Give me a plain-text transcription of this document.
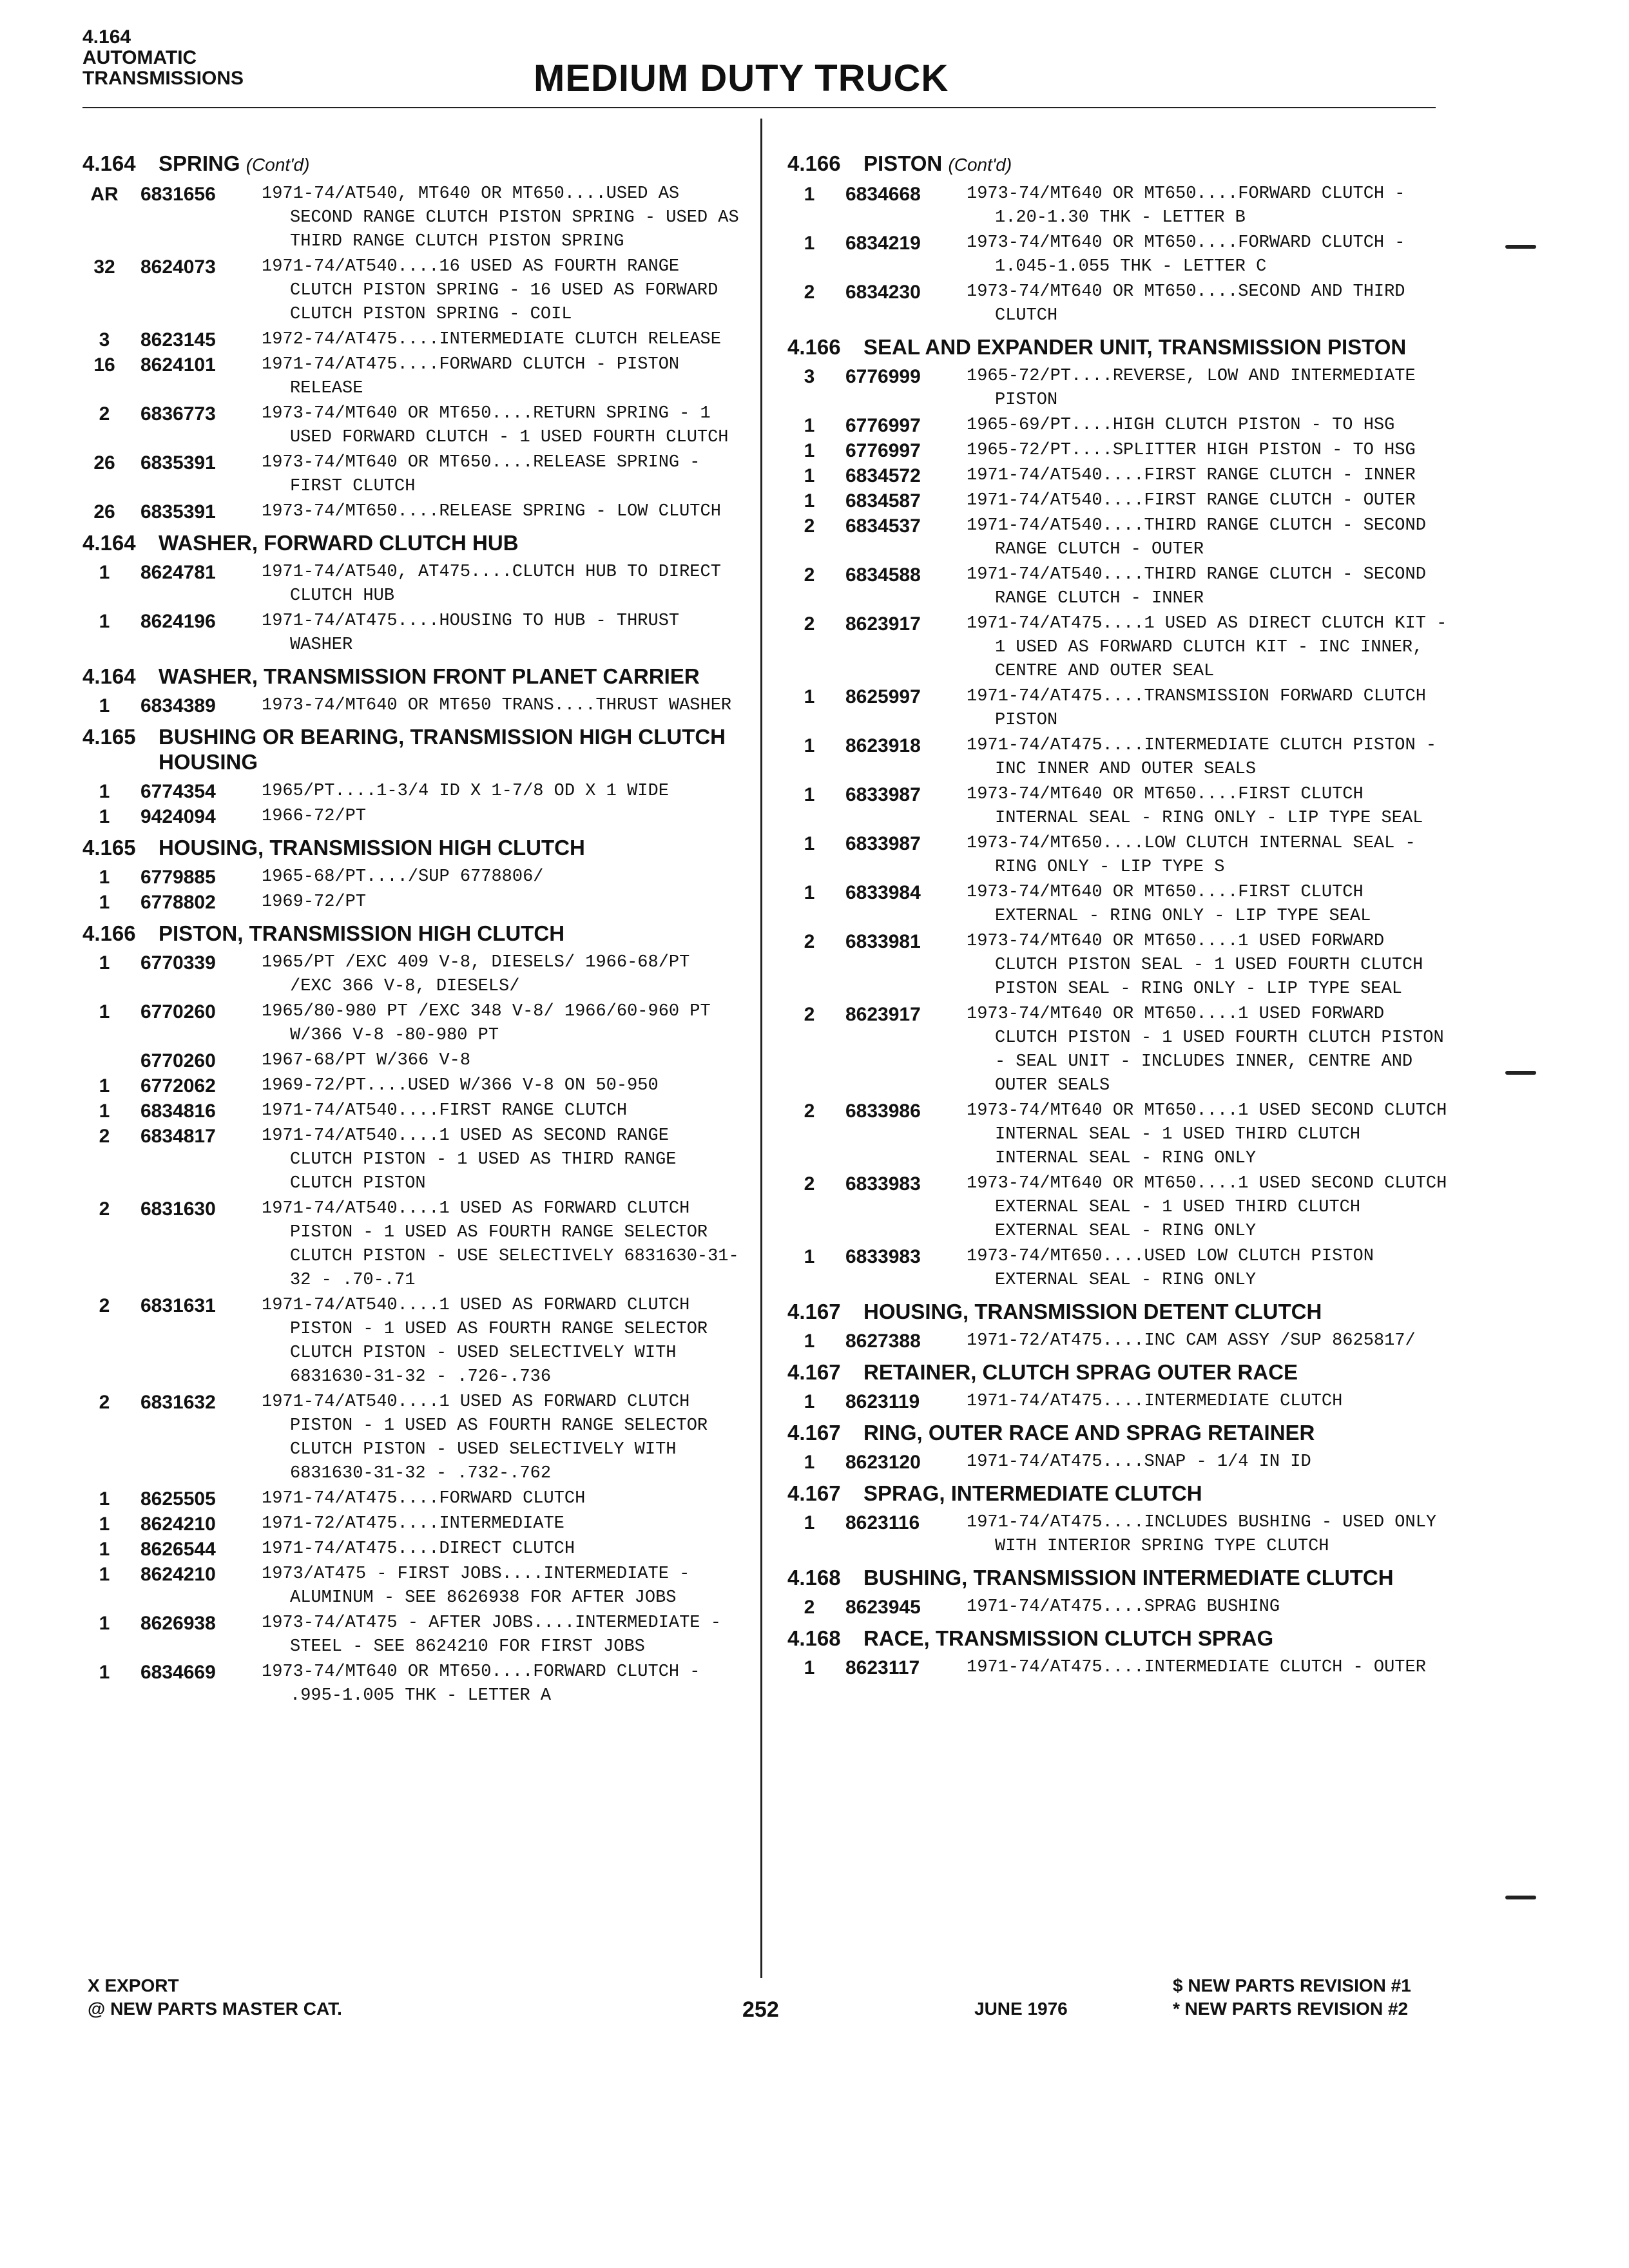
4.164
AUTOMATIC
TRANSMISSIONS	MEDIUM DUTY TRUCK
4.164 SPRING (Cont'd)
AR	6831656	1971-74/AT540, MT640 OR MT650....USED AS SECOND RANGE CLUTCH PISTON SPRING - USED AS THIRD RANGE CLUTCH PISTON SPRING
32	8624073	1971-74/AT540....16 USED AS FOURTH RANGE CLUTCH PISTON SPRING - 16 USED AS FORWARD CLUTCH PISTON SPRING - COIL
3	8623145	1972-74/AT475....INTERMEDIATE CLUTCH RELEASE
16	8624101	1971-74/AT475....FORWARD CLUTCH - PISTON RELEASE
2	6836773	1973-74/MT640 OR MT650....RETURN SPRING - 1 USED FORWARD CLUTCH - 1 USED FOURTH CLUTCH
26	6835391	1973-74/MT640 OR MT650....RELEASE SPRING - FIRST CLUTCH
26	6835391	1973-74/MT650....RELEASE SPRING - LOW CLUTCH
4.164 WASHER, FORWARD CLUTCH HUB
1	8624781	1971-74/AT540, AT475....CLUTCH HUB TO DIRECT CLUTCH HUB
1	8624196	1971-74/AT475....HOUSING TO HUB - THRUST WASHER
4.164 WASHER, TRANSMISSION FRONT PLANET CARRIER
1	6834389	1973-74/MT640 OR MT650 TRANS....THRUST WASHER
4.165 BUSHING OR BEARING, TRANSMISSION HIGH CLUTCH HOUSING
1	6774354	1965/PT....1-3/4 ID X 1-7/8 OD X 1 WIDE
1	9424094	1966-72/PT
4.165 HOUSING, TRANSMISSION HIGH CLUTCH
1	6779885	1965-68/PT..../SUP 6778806/
1	6778802	1969-72/PT
4.166 PISTON, TRANSMISSION HIGH CLUTCH
1	6770339	1965/PT /EXC 409 V-8, DIESELS/ 1966-68/PT /EXC 366 V-8, DIESELS/
1	6770260	1965/80-980 PT /EXC 348 V-8/ 1966/60-960 PT W/366 V-8 -80-980 PT
6770260	1967-68/PT W/366 V-8
1	6772062	1969-72/PT....USED W/366 V-8 ON 50-950
1	6834816	1971-74/AT540....FIRST RANGE CLUTCH
2	6834817	1971-74/AT540....1 USED AS SECOND RANGE CLUTCH PISTON - 1 USED AS THIRD RANGE CLUTCH PISTON
2	6831630	1971-74/AT540....1 USED AS FORWARD CLUTCH PISTON - 1 USED AS FOURTH RANGE SELECTOR CLUTCH PISTON - USE SELECTIVELY 6831630-31-32 - .70-.71
2	6831631	1971-74/AT540....1 USED AS FORWARD CLUTCH PISTON - 1 USED AS FOURTH RANGE SELECTOR CLUTCH PISTON - USED SELECTIVELY WITH 6831630-31-32 - .726-.736
2	6831632	1971-74/AT540....1 USED AS FORWARD CLUTCH PISTON - 1 USED AS FOURTH RANGE SELECTOR CLUTCH PISTON - USED SELECTIVELY WITH 6831630-31-32 - .732-.762
1	8625505	1971-74/AT475....FORWARD CLUTCH
1	8624210	1971-72/AT475....INTERMEDIATE
1	8626544	1971-74/AT475....DIRECT CLUTCH
1	8624210	1973/AT475 - FIRST JOBS....INTERMEDIATE - ALUMINUM - SEE 8626938 FOR AFTER JOBS
1	8626938	1973-74/AT475 - AFTER JOBS....INTERMEDIATE - STEEL - SEE 8624210 FOR FIRST JOBS
1	6834669	1973-74/MT640 OR MT650....FORWARD CLUTCH - .995-1.005 THK - LETTER A
4.166 PISTON (Cont'd)
1	6834668	1973-74/MT640 OR MT650....FORWARD CLUTCH - 1.20-1.30 THK - LETTER B
1	6834219	1973-74/MT640 OR MT650....FORWARD CLUTCH - 1.045-1.055 THK - LETTER C
2	6834230	1973-74/MT640 OR MT650....SECOND AND THIRD CLUTCH
4.166 SEAL AND EXPANDER UNIT, TRANSMISSION PISTON
3	6776999	1965-72/PT....REVERSE, LOW AND INTERMEDIATE PISTON
1	6776997	1965-69/PT....HIGH CLUTCH PISTON - TO HSG
1	6776997	1965-72/PT....SPLITTER HIGH PISTON - TO HSG
1	6834572	1971-74/AT540....FIRST RANGE CLUTCH - INNER
1	6834587	1971-74/AT540....FIRST RANGE CLUTCH - OUTER
2	6834537	1971-74/AT540....THIRD RANGE CLUTCH - SECOND RANGE CLUTCH - OUTER
2	6834588	1971-74/AT540....THIRD RANGE CLUTCH - SECOND RANGE CLUTCH - INNER
2	8623917	1971-74/AT475....1 USED AS DIRECT CLUTCH KIT - 1 USED AS FORWARD CLUTCH KIT - INC INNER, CENTRE AND OUTER SEAL
1	8625997	1971-74/AT475....TRANSMISSION FORWARD CLUTCH PISTON
1	8623918	1971-74/AT475....INTERMEDIATE CLUTCH PISTON - INC INNER AND OUTER SEALS
1	6833987	1973-74/MT640 OR MT650....FIRST CLUTCH INTERNAL SEAL - RING ONLY - LIP TYPE SEAL
1	6833987	1973-74/MT650....LOW CLUTCH INTERNAL SEAL - RING ONLY - LIP TYPE S
1	6833984	1973-74/MT640 OR MT650....FIRST CLUTCH EXTERNAL - RING ONLY - LIP TYPE SEAL
2	6833981	1973-74/MT640 OR MT650....1 USED FORWARD CLUTCH PISTON SEAL - 1 USED FOURTH CLUTCH PISTON SEAL - RING ONLY - LIP TYPE SEAL
2	8623917	1973-74/MT640 OR MT650....1 USED FORWARD CLUTCH PISTON - 1 USED FOURTH CLUTCH PISTON - SEAL UNIT - INCLUDES INNER, CENTRE AND OUTER SEALS
2	6833986	1973-74/MT640 OR MT650....1 USED SECOND CLUTCH INTERNAL SEAL - 1 USED THIRD CLUTCH INTERNAL SEAL - RING ONLY
2	6833983	1973-74/MT640 OR MT650....1 USED SECOND CLUTCH EXTERNAL SEAL - 1 USED THIRD CLUTCH EXTERNAL SEAL - RING ONLY
1	6833983	1973-74/MT650....USED LOW CLUTCH PISTON EXTERNAL SEAL - RING ONLY
4.167 HOUSING, TRANSMISSION DETENT CLUTCH
1	8627388	1971-72/AT475....INC CAM ASSY /SUP 8625817/
4.167 RETAINER, CLUTCH SPRAG OUTER RACE
1	8623119	1971-74/AT475....INTERMEDIATE CLUTCH
4.167 RING, OUTER RACE AND SPRAG RETAINER
1	8623120	1971-74/AT475....SNAP - 1/4 IN ID
4.167 SPRAG, INTERMEDIATE CLUTCH
1	8623116	1971-74/AT475....INCLUDES BUSHING - USED ONLY WITH INTERIOR SPRING TYPE CLUTCH
4.168 BUSHING, TRANSMISSION INTERMEDIATE CLUTCH
2	8623945	1971-74/AT475....SPRAG BUSHING
4.168 RACE, TRANSMISSION CLUTCH SPRAG
1	8623117	1971-74/AT475....INTERMEDIATE CLUTCH - OUTER
X EXPORT
@ NEW PARTS MASTER CAT.	252	JUNE 1976
$ NEW PARTS REVISION #1
* NEW PARTS REVISION #2
